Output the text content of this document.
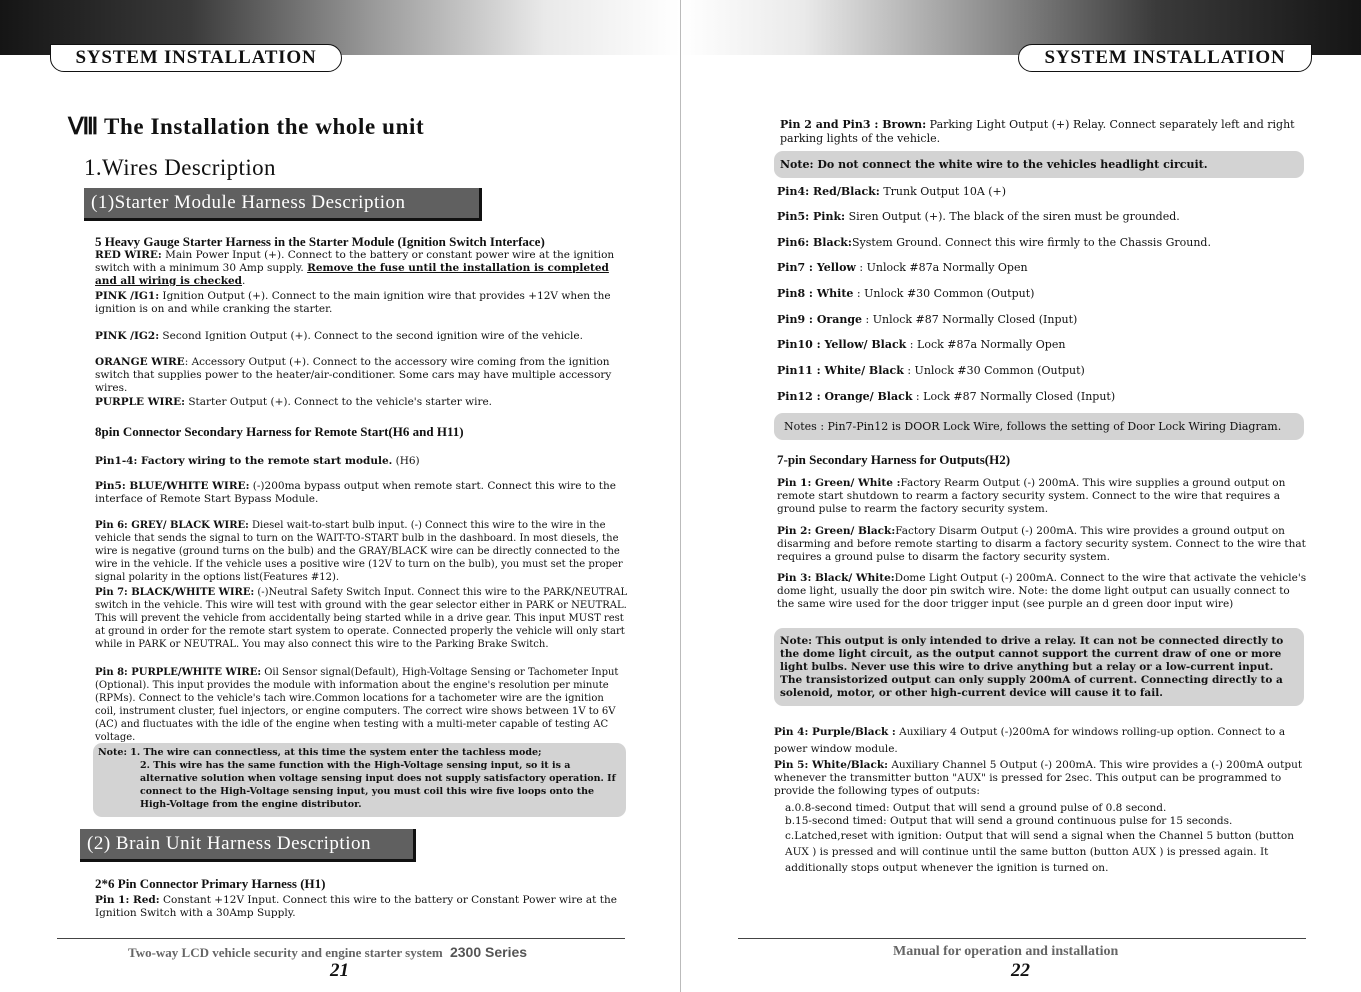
SYSTEM INSTALLATION
Ⅷ The Installation the whole unit
1.Wires Description
(1)Starter Module Harness Description
5 Heavy Gauge Starter Harness in the Starter Module (Ignition Switch Interface)
RED WIRE: Main Power Input (+). Connect to the battery or constant power wire at the ignition switch with a minimum 30 Amp supply. Remove the fuse until the installation is completed and all wiring is checked.
PINK /IG1: Ignition Output (+). Connect to the main ignition wire that provides +12V when the ignition is on and while cranking the starter.
PINK /IG2: Second Ignition Output (+). Connect to the second ignition wire of the vehicle.
ORANGE WIRE: Accessory Output (+). Connect to the accessory wire coming from the ignition switch that supplies power to the heater/air-conditioner. Some cars may have multiple accessory wires.
PURPLE WIRE: Starter Output (+). Connect to the vehicle's starter wire.
8pin Connector Secondary Harness for Remote Start(H6 and H11)
Pin1-4: Factory wiring to the remote start module. (H6)
Pin5: BLUE/WHITE WIRE: (-)200ma bypass output when remote start. Connect this wire to the interface of Remote Start Bypass Module.
Pin 6: GREY/ BLACK WIRE: Diesel wait-to-start bulb input. (-) Connect this wire to the wire in the vehicle that sends the signal to turn on the WAIT-TO-START bulb in the dashboard. In most diesels, the wire is negative (ground turns on the bulb) and the GRAY/BLACK wire can be directly connected to the wire in the vehicle. If the vehicle uses a positive wire (12V to turn on the bulb), you must set the proper signal polarity in the options list(Features #12).
Pin 7: BLACK/WHITE WIRE: (-)Neutral Safety Switch Input. Connect this wire to the PARK/NEUTRAL switch in the vehicle. This wire will test with ground with the gear selector either in PARK or NEUTRAL. This will prevent the vehicle from accidentally being started while in a drive gear. This input MUST rest at ground in order for the remote start system to operate. Connected properly the vehicle will only start while in PARK or NEUTRAL. You may also connect this wire to the Parking Brake Switch.
Pin 8: PURPLE/WHITE WIRE: Oil Sensor signal(Default), High-Voltage Sensing or Tachometer Input (Optional). This input provides the module with information about the engine's resolution per minute (RPMs). Connect to the vehicle's tach wire.Common locations for a tachometer wire are the ignition coil, instrument cluster, fuel injectors, or engine computers. The correct wire shows between 1V to 6V (AC) and fluctuates with the idle of the engine when testing with a multi-meter capable of testing AC voltage.
Note: 1. The wire can connectless, at this time the system enter the tachless mode;
2. This wire has the same function with the High-Voltage sensing input, so it is a alternative solution when voltage sensing input does not supply satisfactory operation. If connect to the High-Voltage sensing input, you must coil this wire five loops onto the High-Voltage from the engine distributor.
(2) Brain Unit Harness Description
2*6 Pin Connector Primary Harness (H1)
Pin 1: Red: Constant +12V Input. Connect this wire to the battery or Constant Power wire at the Ignition Switch with a 30Amp Supply.
Two-way LCD vehicle security and engine starter system 2300 Series
21
SYSTEM INSTALLATION
Pin 2 and Pin3 : Brown: Parking Light Output (+) Relay. Connect separately left and right parking lights of the vehicle.
Note: Do not connect the white wire to the vehicles headlight circuit.
Pin4: Red/Black: Trunk Output 10A (+)
Pin5: Pink: Siren Output (+). The black of the siren must be grounded.
Pin6: Black:System Ground. Connect this wire firmly to the Chassis Ground.
Pin7 : Yellow : Unlock #87a Normally Open
Pin8 : White : Unlock #30 Common (Output)
Pin9 : Orange : Unlock #87 Normally Closed (Input)
Pin10 : Yellow/ Black : Lock #87a Normally Open
Pin11 : White/ Black : Unlock #30 Common (Output)
Pin12 : Orange/ Black : Lock #87 Normally Closed (Input)
Notes : Pin7-Pin12 is DOOR Lock Wire, follows the setting of Door Lock Wiring Diagram.
7-pin Secondary Harness for Outputs(H2)
Pin 1: Green/ White :Factory Rearm Output (-) 200mA. This wire supplies a ground output on remote start shutdown to rearm a factory security system. Connect to the wire that requires a ground pulse to rearm the factory security system.
Pin 2: Green/ Black:Factory Disarm Output (-) 200mA. This wire provides a ground output on disarming and before remote starting to disarm a factory security system. Connect to the wire that requires a ground pulse to disarm the factory security system.
Pin 3: Black/ White:Dome Light Output (-) 200mA. Connect to the wire that activate the vehicle's dome light, usually the door pin switch wire. Note: the dome light output can usually connect to the same wire used for the door trigger input (see purple an d green door input wire)
Note: This output is only intended to drive a relay. It can not be connected directly to the dome light circuit, as the output cannot support the current draw of one or more light bulbs. Never use this wire to drive anything but a relay or a low-current input. The transistorized output can only supply 200mA of current. Connecting directly to a solenoid, motor, or other high-current device will cause it to fail.
Pin 4: Purple/Black : Auxiliary 4 Output (-)200mA for windows rolling-up option. Connect to a power window module.
Pin 5: White/Black: Auxiliary Channel 5 Output (-) 200mA. This wire provides a (-) 200mA output whenever the transmitter button "AUX" is pressed for 2sec. This output can be programmed to provide the following types of outputs:
a.0.8-second timed: Output that will send a ground pulse of 0.8 second.
b.15-second timed: Output that will send a ground continuous pulse for 15 seconds.
c.Latched,reset with ignition: Output that will send a signal when the Channel 5 button (button AUX ) is pressed and will continue until the same button (button AUX ) is pressed again. It additionally stops output whenever the ignition is turned on.
Manual for operation and installation
22
